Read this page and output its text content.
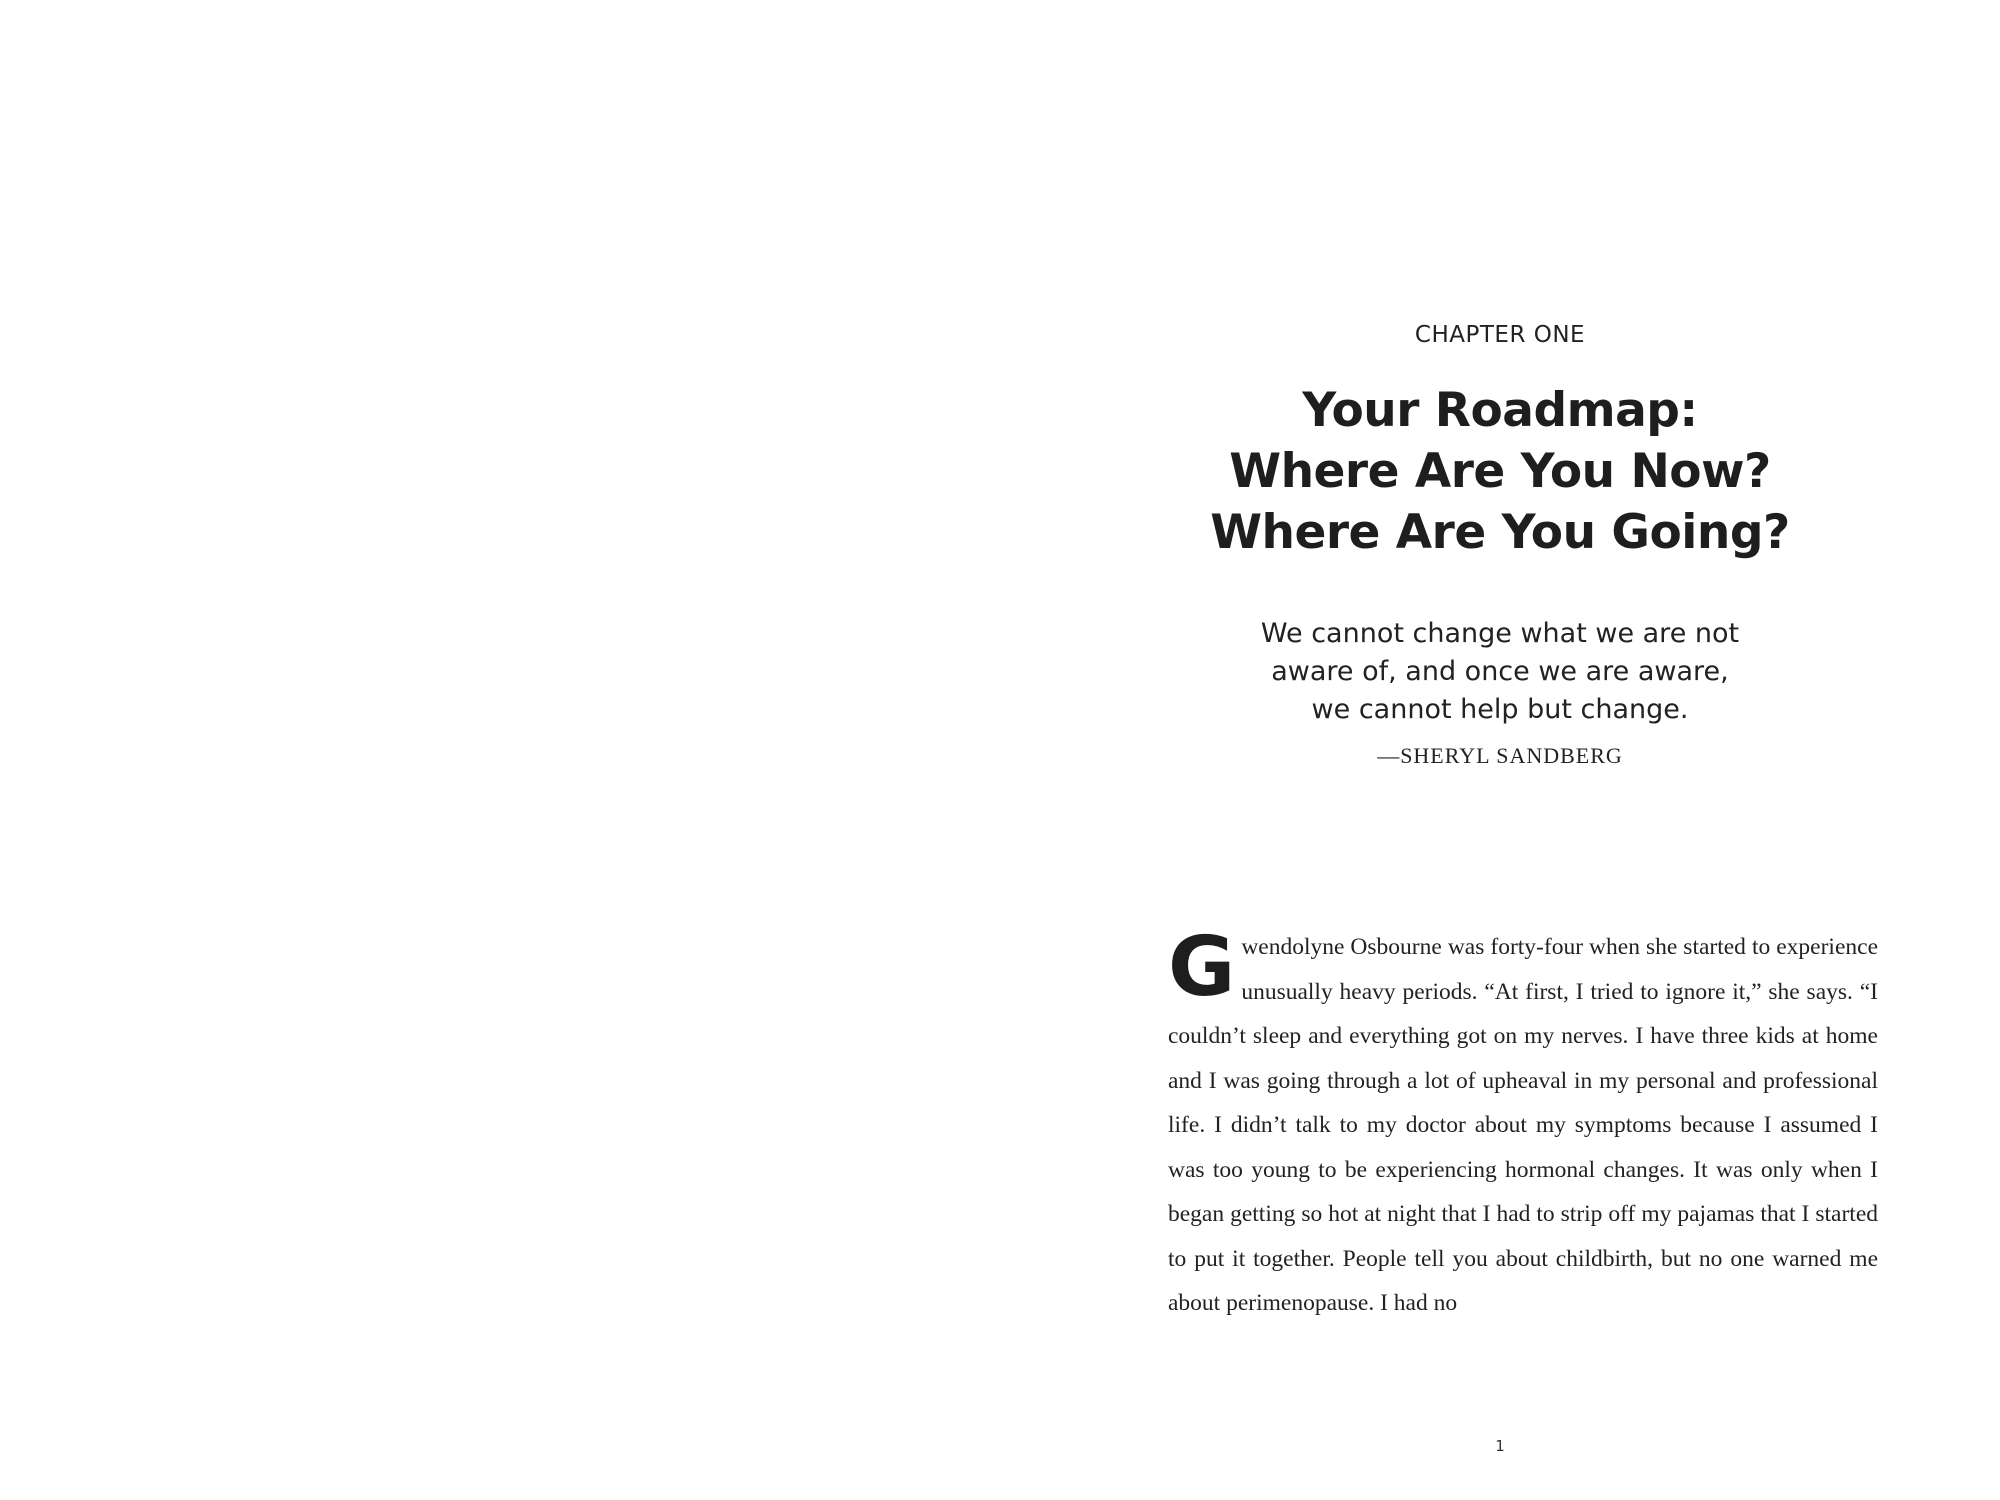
CHAPTER ONE
Your Roadmap:
Where Are You Now?
Where Are You Going?
We cannot change what we are not
aware of, and once we are aware,
we cannot help but change.
—SHERYL SANDBERG

Gwendolyne Osbourne was forty-four when she started to experience unusually heavy periods. “At first, I tried to ignore it,” she says. “I couldn’t sleep and everything got on my nerves. I have three kids at home and I was going through a lot of upheaval in my personal and professional life. I didn’t talk to my doctor about my symptoms because I assumed I was too young to be experiencing hormonal changes. It was only when I began getting so hot at night that I had to strip off my pajamas that I started to put it together. People tell you about childbirth, but no one warned me about perimenopause. I had no

1
